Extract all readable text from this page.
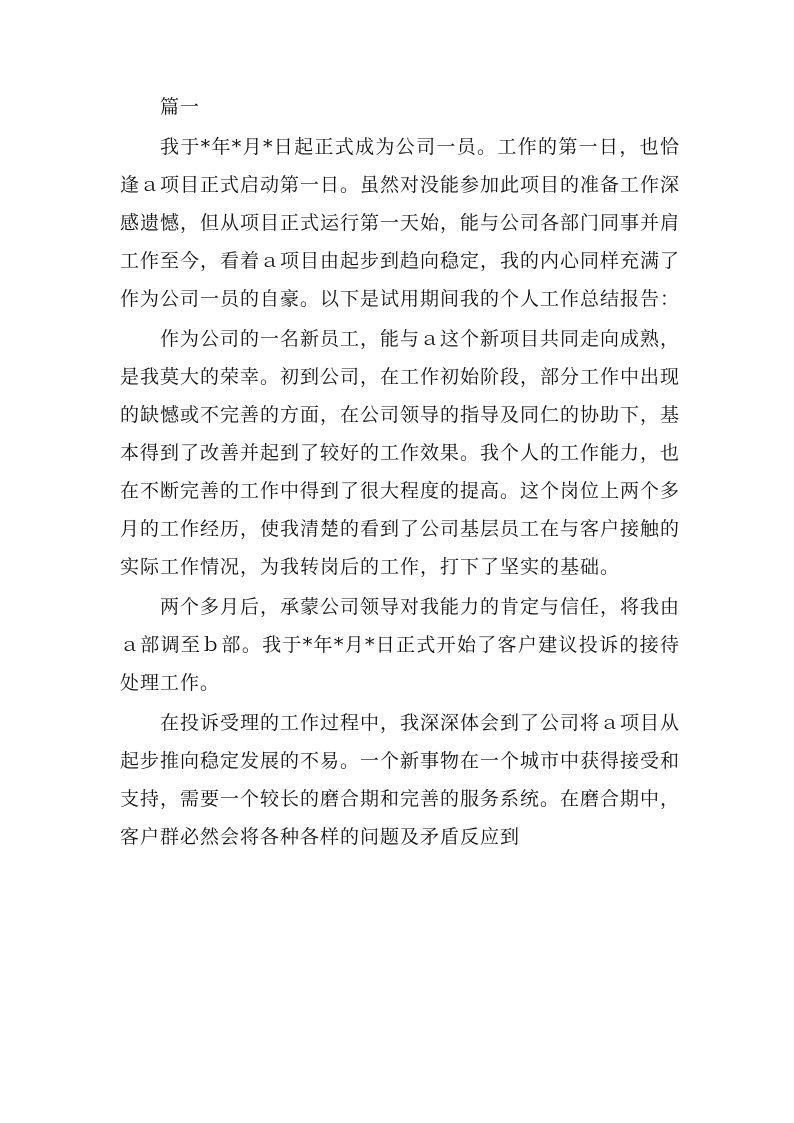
篇一

我于*年*月*日起正式成为公司一员。工作的第一日，也恰逢ａ项目正式启动第一日。虽然对没能参加此项目的准备工作深感遗憾，但从项目正式运行第一天始，能与公司各部门同事并肩工作至今，看着ａ项目由起步到趋向稳定，我的内心同样充满了作为公司一员的自豪。以下是试用期间我的个人工作总结报告：

作为公司的一名新员工，能与ａ这个新项目共同走向成熟，是我莫大的荣幸。初到公司，在工作初始阶段，部分工作中出现的缺憾或不完善的方面，在公司领导的指导及同仁的协助下，基本得到了改善并起到了较好的工作效果。我个人的工作能力，也在不断完善的工作中得到了很大程度的提高。这个岗位上两个多月的工作经历，使我清楚的看到了公司基层员工在与客户接触的实际工作情况，为我转岗后的工作，打下了坚实的基础。

两个多月后，承蒙公司领导对我能力的肯定与信任，将我由ａ部调至ｂ部。我于*年*月*日正式开始了客户建议投诉的接待处理工作。

在投诉受理的工作过程中，我深深体会到了公司将ａ项目从起步推向稳定发展的不易。一个新事物在一个城市中获得接受和支持，需要一个较长的磨合期和完善的服务系统。在磨合期中，客户群必然会将各种各样的问题及矛盾反应到
